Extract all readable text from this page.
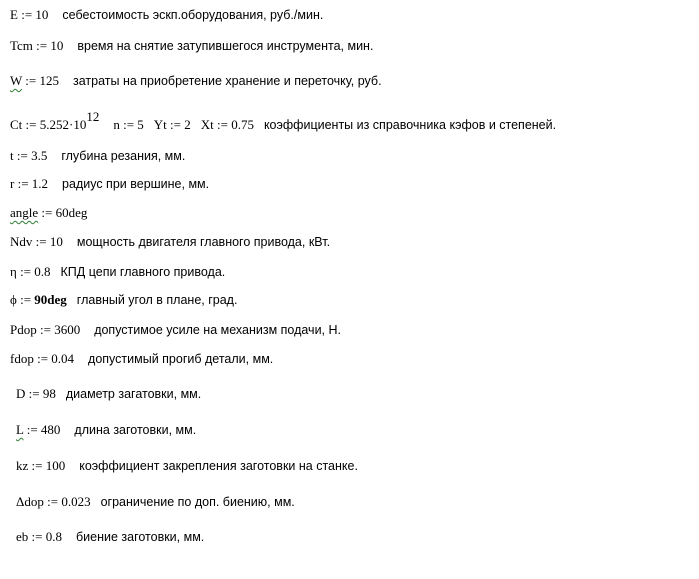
E := 10 себестоимость эскп.оборудования, руб./мин.
Tcm := 10 время на снятие затупившегося инструмента, мин.
W := 125 затраты на приобретение хранение и переточку, руб.
Ct := $5.252\cdot 10^{12}n$ := 5 Yt := 2 Xt := 0.75 коэффициенты из справочника кэфов и степеней.
t := 3.5 глубина резания, мм.
r := 1.2 радиус при вершине, мм.
angle := 60deg
Ndv := 10 мощность двигателя главного привода, кВт.
η := 0.8 КПД цепи главного привода.
ϕ := 90deg главный угол в плане, град.
Pdop := 3600 допустимое усиле на механизм подачи, Н.
fdop := 0.04 допустимый прогиб детали, мм.
D := 98 диаметр загатовки, мм.
L := 480 длина заготовки, мм.
kz := 100 коэффициент закрепления заготовки на станке.
Δdop := 0.023 ограничение по доп. биению, мм.
eb := 0.8 биение заготовки, мм.
